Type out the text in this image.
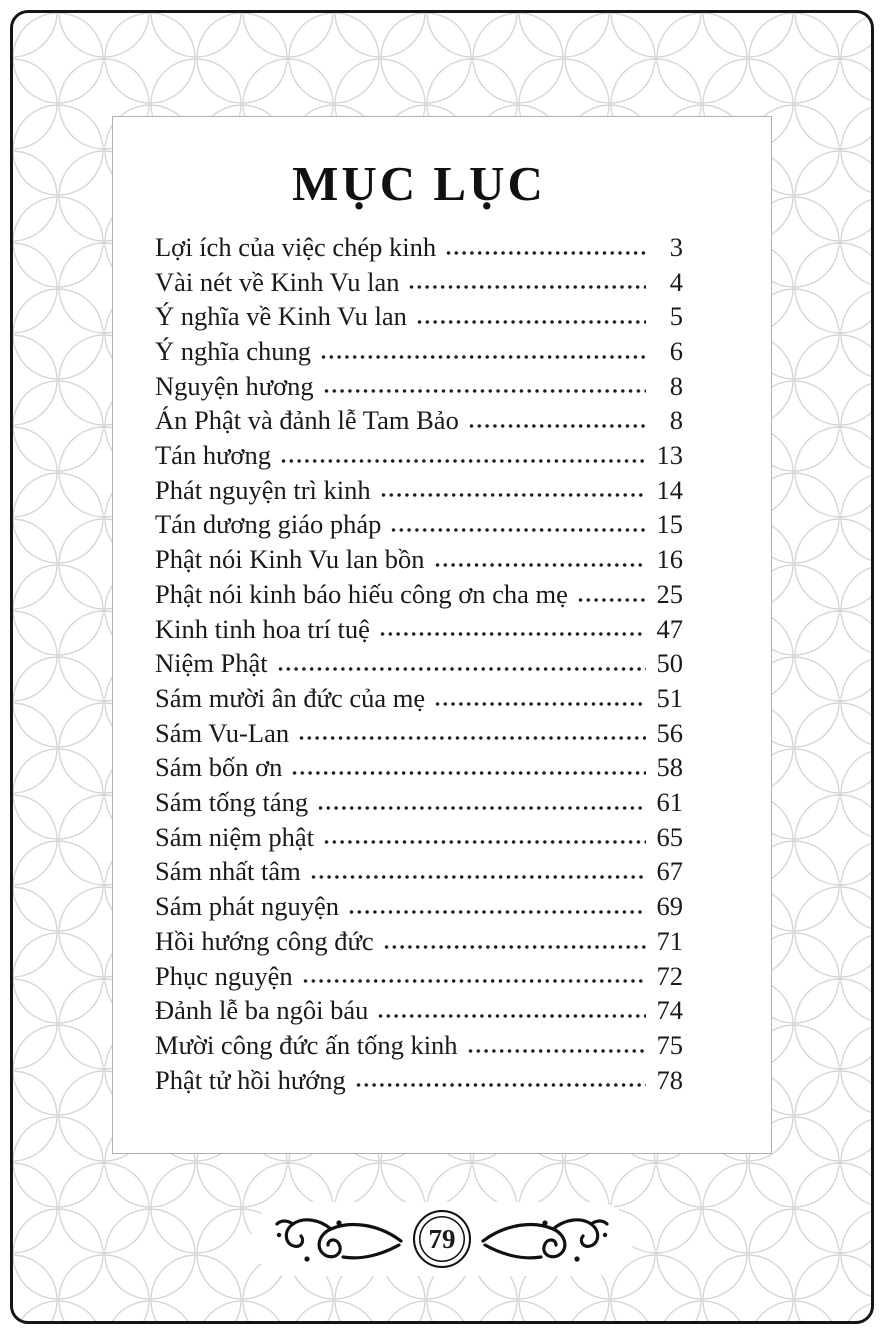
MỤC LỤC
Lợi ích của việc chép kinh	3
Vài nét về Kinh Vu lan	4
Ý nghĩa về Kinh Vu lan	5
Ý nghĩa chung	6
Nguyện hương	8
Án Phật và đảnh lễ Tam Bảo	8
Tán hương	13
Phát nguyện trì kinh	14
Tán dương giáo pháp	15
Phật nói Kinh Vu lan bồn	16
Phật nói kinh báo hiếu công ơn cha mẹ	25
Kinh tinh hoa trí tuệ	47
Niệm Phật	50
Sám mười ân đức của mẹ	51
Sám Vu-Lan	56
Sám bốn ơn	58
Sám tống táng	61
Sám niệm phật	65
Sám nhất tâm	67
Sám phát nguyện	69
Hồi hướng công đức	71
Phục nguyện	72
Đảnh lễ ba ngôi báu	74
Mười công đức ấn tống kinh	75
Phật tử hồi hướng	78
79
